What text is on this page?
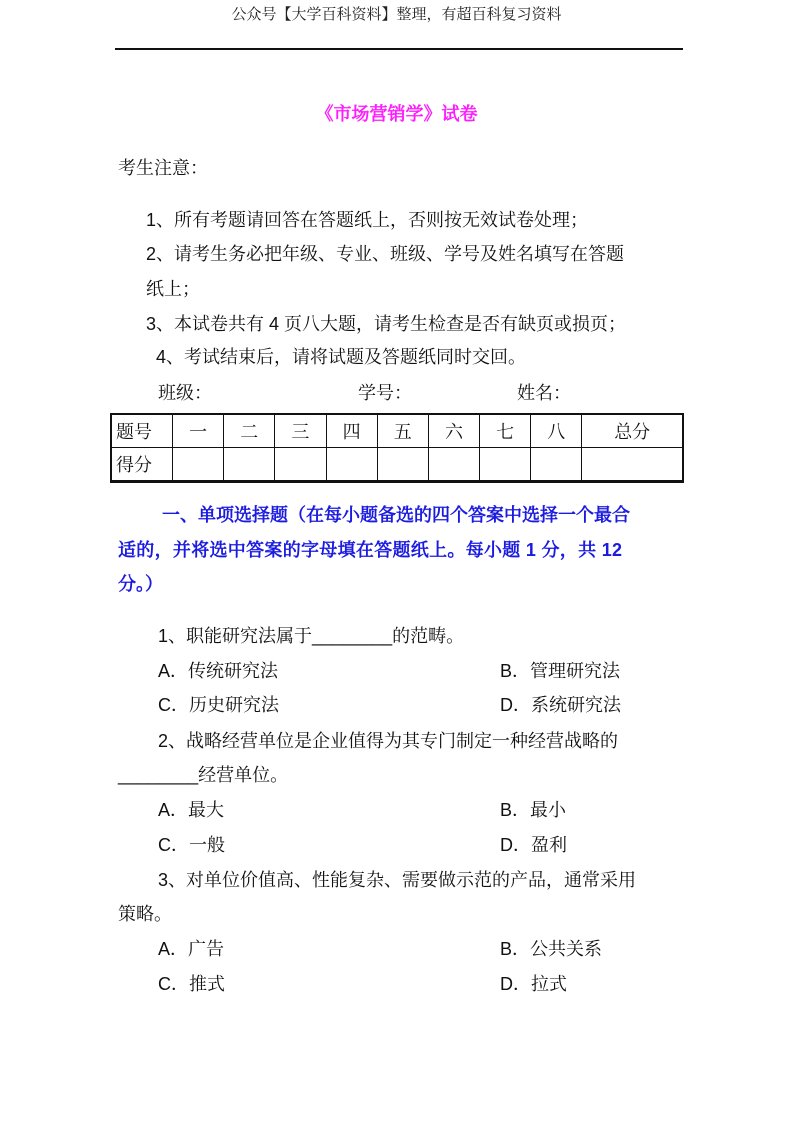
公众号【大学百科资料】整理，有超百科复习资料
《市场营销学》试卷
考生注意：
1、所有考题请回答在答题纸上，否则按无效试卷处理；
2、请考生务必把年级、专业、班级、学号及姓名填写在答题
纸上；
3、本试卷共有 4 页八大题，请考生检查是否有缺页或损页；
4、考试结束后，请将试题及答题纸同时交回。
班级：	学号：	姓名：
题号	一	二	三	四	五	六	七	八	总分
得分									
一、单项选择题（在每小题备选的四个答案中选择一个最合
适的，并将选中答案的字母填在答题纸上。每小题 1 分，共 12
分。）
1、职能研究法属于________的范畴。
A．传统研究法	B．管理研究法
C．历史研究法	D．系统研究法
2、战略经营单位是企业值得为其专门制定一种经营战略的
________经营单位。
A．最大	B．最小
C．一般	D．盈利
3、对单位价值高、性能复杂、需要做示范的产品，通常采用
策略。
A．广告	B．公共关系
C．推式	D．拉式
